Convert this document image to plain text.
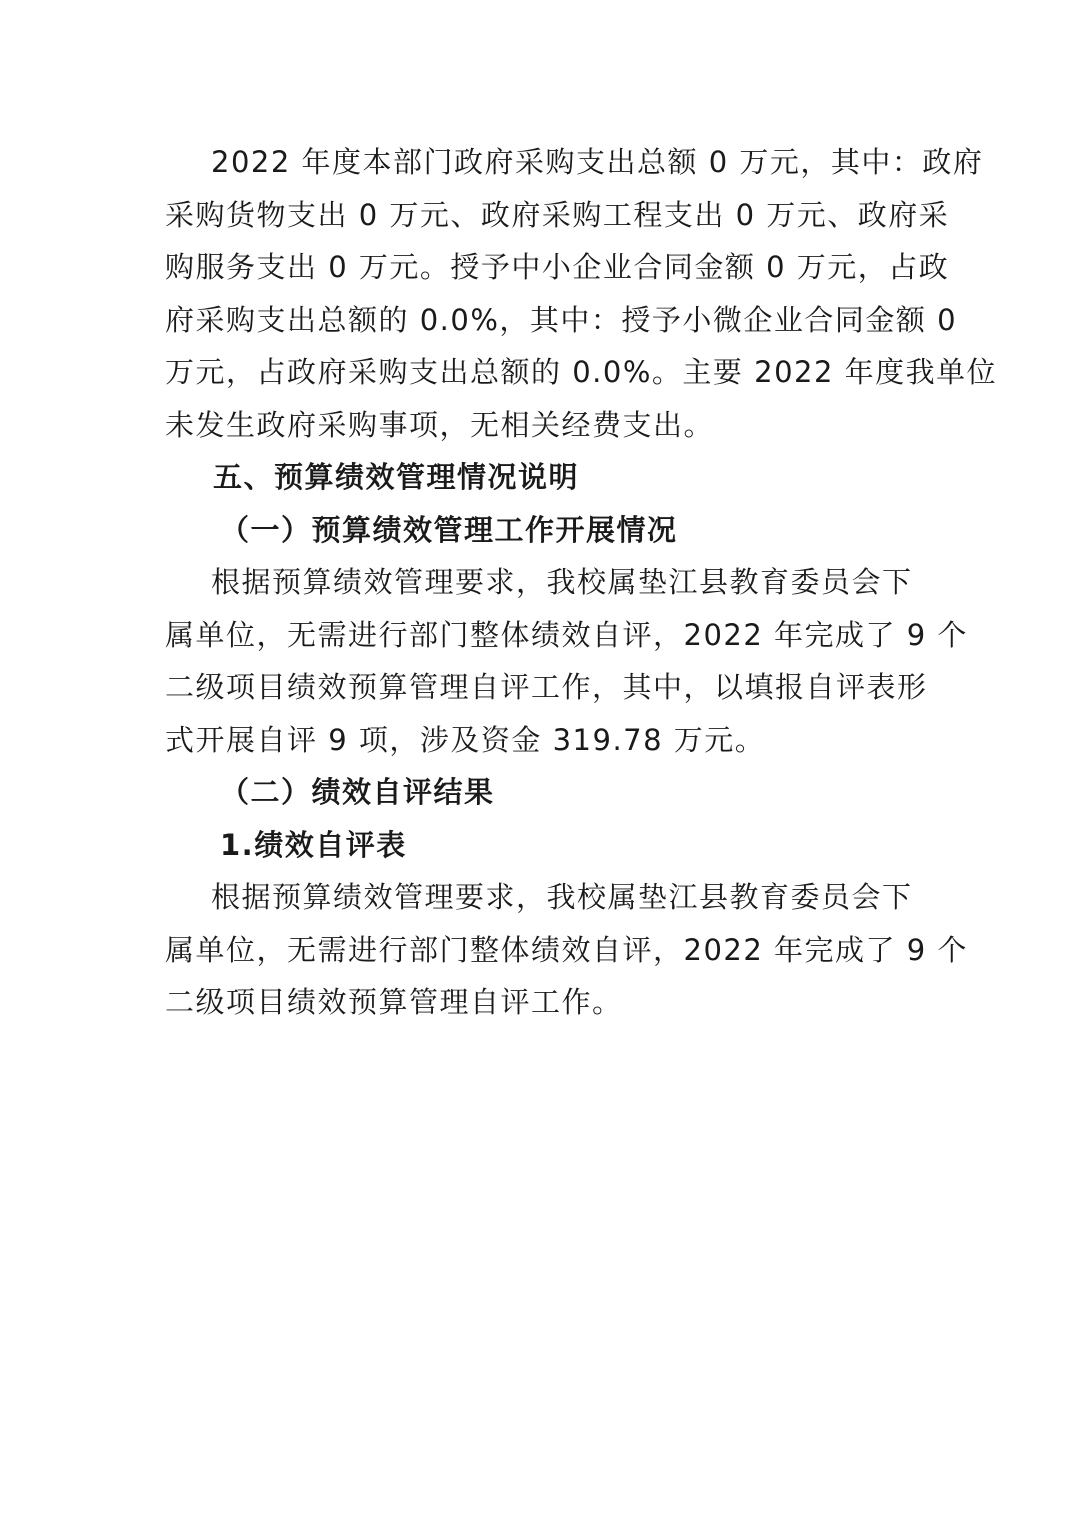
2022 年度本部门政府采购支出总额 0 万元，其中：政府
采购货物支出 0 万元、政府采购工程支出 0 万元、政府采
购服务支出 0 万元。授予中小企业合同金额 0 万元，占政
府采购支出总额的 0.0%，其中：授予小微企业合同金额 0
万元，占政府采购支出总额的 0.0%。主要 2022 年度我单位
未发生政府采购事项，无相关经费支出。

五、预算绩效管理情况说明

（一）预算绩效管理工作开展情况

根据预算绩效管理要求，我校属垫江县教育委员会下
属单位，无需进行部门整体绩效自评，2022 年完成了 9 个
二级项目绩效预算管理自评工作，其中，以填报自评表形
式开展自评 9 项，涉及资金 319.78 万元。

（二）绩效自评结果

1.绩效自评表

根据预算绩效管理要求，我校属垫江县教育委员会下
属单位，无需进行部门整体绩效自评，2022 年完成了 9 个
二级项目绩效预算管理自评工作。
